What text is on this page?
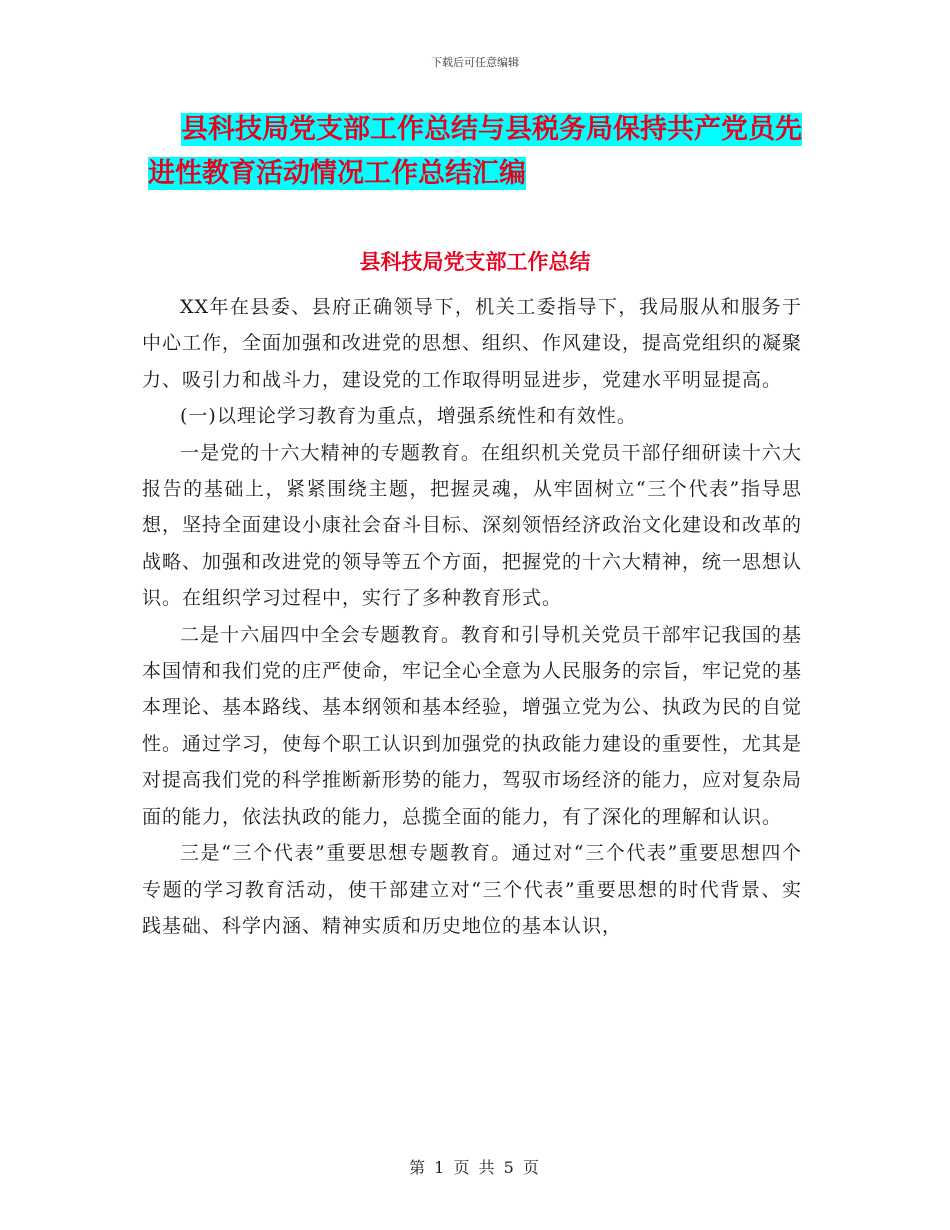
下载后可任意编辑
县科技局党支部工作总结与县税务局保持共产党员先
进性教育活动情况工作总结汇编
县科技局党支部工作总结

XX年在县委、县府正确领导下，机关工委指导下，我局服从和服务于中心工作，全面加强和改进党的思想、组织、作风建设，提高党组织的凝聚力、吸引力和战斗力，建设党的工作取得明显进步，党建水平明显提高。

(一)以理论学习教育为重点，增强系统性和有效性。

一是党的十六大精神的专题教育。在组织机关党员干部仔细研读十六大报告的基础上，紧紧围绕主题，把握灵魂，从牢固树立“三个代表”指导思想，坚持全面建设小康社会奋斗目标、深刻领悟经济政治文化建设和改革的战略、加强和改进党的领导等五个方面，把握党的十六大精神，统一思想认识。在组织学习过程中，实行了多种教育形式。

二是十六届四中全会专题教育。教育和引导机关党员干部牢记我国的基本国情和我们党的庄严使命，牢记全心全意为人民服务的宗旨，牢记党的基本理论、基本路线、基本纲领和基本经验，增强立党为公、执政为民的自觉性。通过学习，使每个职工认识到加强党的执政能力建设的重要性，尤其是对提高我们党的科学推断新形势的能力，驾驭市场经济的能力，应对复杂局面的能力，依法执政的能力，总揽全面的能力，有了深化的理解和认识。

三是“三个代表”重要思想专题教育。通过对“三个代表”重要思想四个专题的学习教育活动，使干部建立对“三个代表”重要思想的时代背景、实践基础、科学内涵、精神实质和历史地位的基本认识，

第 1 页 共 5 页
